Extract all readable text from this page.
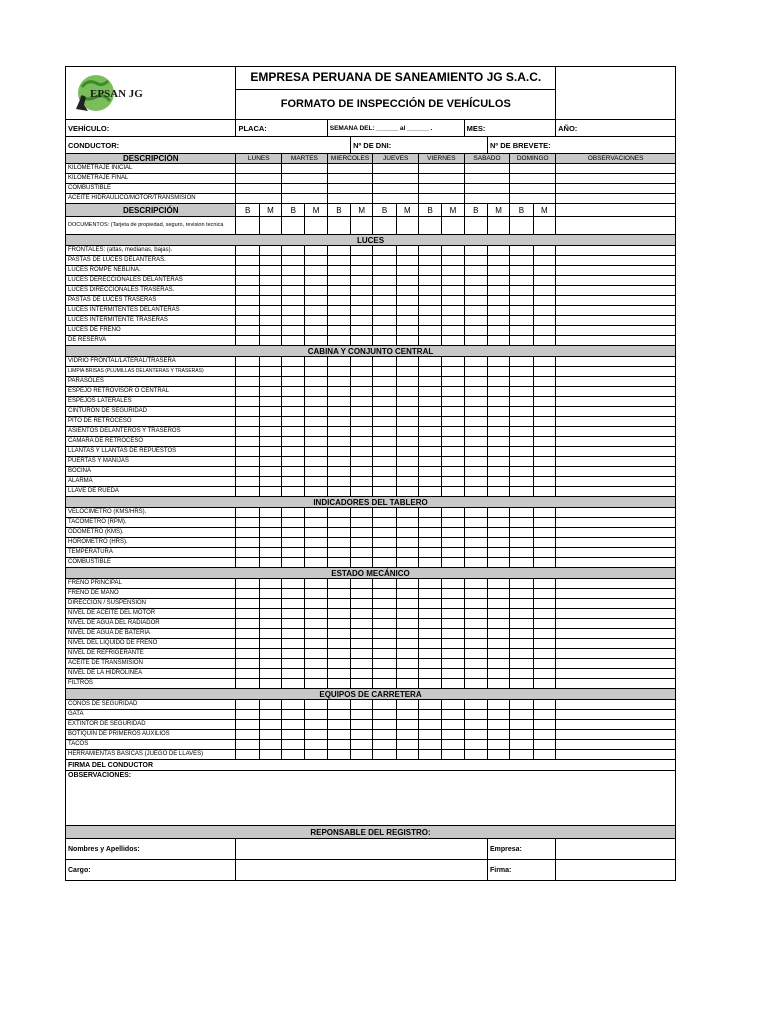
EPSAN JG	EMPRESA PERUANA DE SANEAMIENTO JG S.A.C.														
	FORMATO DE INSPECCIÓN DE VEHÍCULOS														
VEHÍCULO:	PLACA:				SEMANA DEL: ______ al ______ .						MES:				AÑO:
CONDUCTOR:						Nº DE DNI:						Nº DE BREVETE:			
DESCRIPCIÓN	LUNES		MARTES		MIERCOLES		JUEVES		VIERNES		SABADO		DOMINGO		OBSERVACIONES
KILOMETRAJE INICIAL															
KILOMETRAJE FINAL															
COMBUSTIBLE															
ACEITE HIDRAULICO/MOTOR/TRANSMISIÓN															
DESCRIPCIÓN	B	M	B	M	B	M	B	M	B	M	B	M	B	M	
DOCUMENTOS: (Tarjeta de propiedad, seguro, revision tecnica															
LUCES															
FRONTALES: (altas, medianas, bajas).															
PASTAS DE LUCES DELANTERAS.															
LUCES ROMPE NEBLINA.															
LUCES DERECCIONALES DELANTERAS															
LUCES DIRECCIONALES TRASERAS.															
PASTAS DE LUCES TRASERAS															
LUCES INTERMITENTES DELANTERAS															
LUCES INTERMITENTE TRASERAS															
LUCES DE FRENO															
DE RESERVA															
CABINA Y CONJUNTO CENTRAL															
VIDRIO FRONTAL/LATERAL/TRASERA															
LIMPIA BRISAS (PLUMILLAS DELANTERAS Y TRASERAS)															
PARASOLES															
ESPEJO RETROVISOR O CENTRAL															
ESPEJOS LATERALES															
CINTURON DE SEGURIDAD															
PITO DE RETROCESO															
ASIENTOS DELANTEROS Y TRASEROS															
CAMARA DE RETROCESO															
LLANTAS Y LLANTAS DE REPUESTOS															
PUERTAS Y MANIJAS															
BOCINA															
ALARMA															
LLAVE DE RUEDA															
INDICADORES DEL TABLERO															
VELOCÍMETRO (KMS/HRS).															
TACÓMETRO (RPM).															
ODOMETRO (KMS).															
HOROMETRO (HRS).															
TEMPERATURA															
COMBUSTIBLE															
ESTADO MECÁNICO															
FRENO PRINCIPAL															
FRENO DE MANO															
DIRECCION / SUSPENSION															
NIVEL DE ACEITE DEL MOTOR															
NIVEL DE AGUA DEL RADIADOR															
NIVEL DE AGUA DE BATERIA															
NIVEL DEL LIQUIDO DE FRENO															
NIVEL DE REFRIGERANTE															
ACEITE DE TRANSMISION															
NIVEL DE LA HIDROLINEA															
FILTROS															
EQUIPOS DE CARRETERA															
CONOS DE SEGURIDAD															
GATA															
EXTINTOR DE SEGURIDAD															
BOTIQUIN DE PRIMEROS AUXILIOS															
TACOS															
HERRAMIENTAS BASICAS (JUEGO DE LLAVES)															
FIRMA DEL CONDUCTOR															
OBSERVACIONES:															
REPONSABLE DEL REGISTRO:															
Nombres y Apellidos:												Empresa:			
Cargo:												Firma:			
